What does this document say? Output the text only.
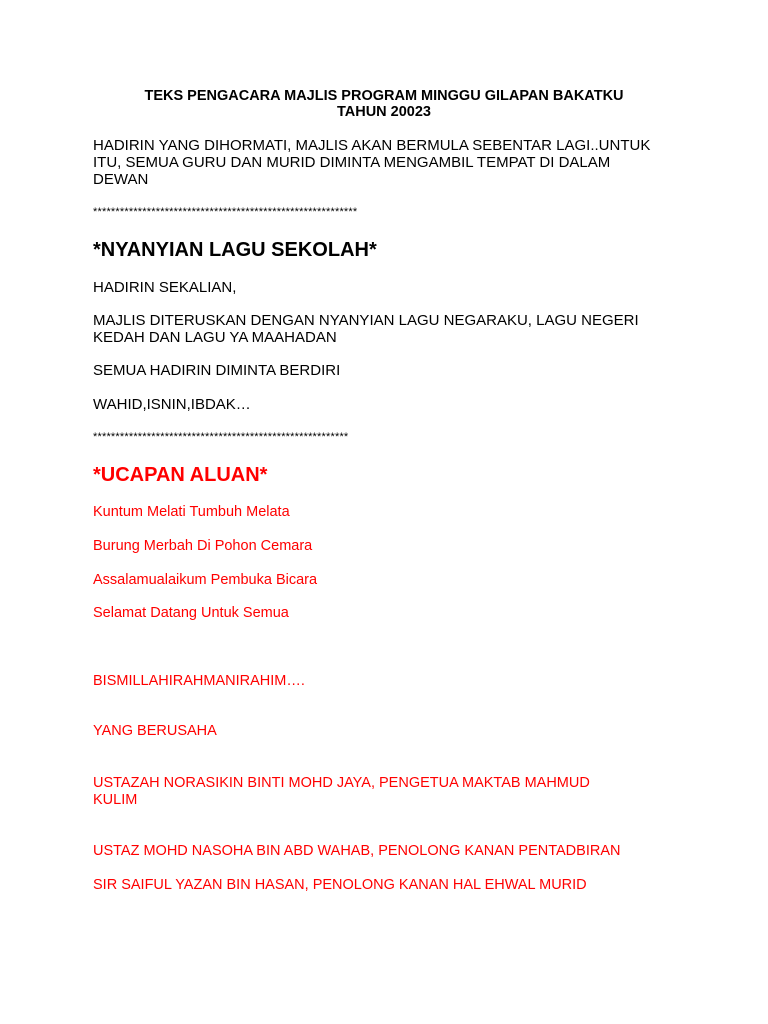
TEKS PENGACARA MAJLIS PROGRAM MINGGU GILAPAN BAKATKU

TAHUN 20023

HADIRIN YANG DIHORMATI, MAJLIS AKAN BERMULA SEBENTAR LAGI..UNTUK

ITU, SEMUA GURU DAN MURID DIMINTA MENGAMBIL TEMPAT DI DALAM

DEWAN

***********************************************************

*NYANYIAN LAGU SEKOLAH*

HADIRIN SEKALIAN,

MAJLIS DITERUSKAN DENGAN NYANYIAN LAGU NEGARAKU, LAGU NEGERI

KEDAH DAN LAGU YA MAAHADAN

SEMUA HADIRIN DIMINTA BERDIRI

WAHID,ISNIN,IBDAK…

*********************************************************

*UCAPAN ALUAN*

Kuntum Melati Tumbuh Melata

Burung Merbah Di Pohon Cemara

Assalamualaikum Pembuka Bicara

Selamat Datang Untuk Semua

BISMILLAHIRAHMANIRAHIM….

YANG BERUSAHA

USTAZAH NORASIKIN BINTI MOHD JAYA, PENGETUA MAKTAB MAHMUD

KULIM

USTAZ MOHD NASOHA BIN ABD WAHAB, PENOLONG KANAN PENTADBIRAN

SIR SAIFUL YAZAN BIN HASAN, PENOLONG KANAN HAL EHWAL MURID
